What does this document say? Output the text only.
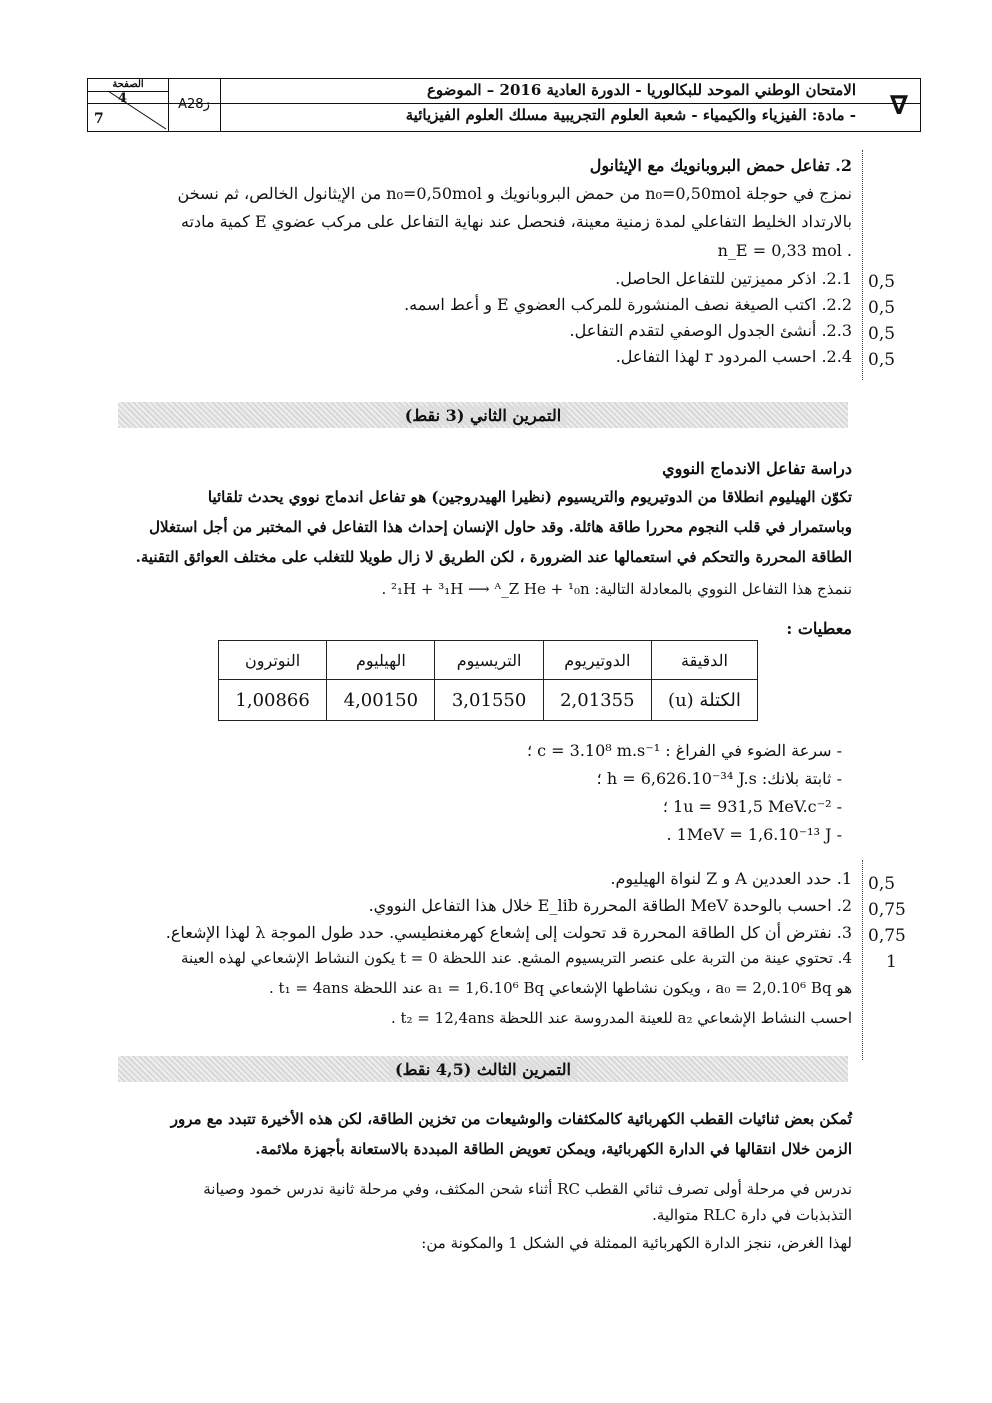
الصفحة
4
7
A28ز
الامتحان الوطني الموحد للبكالوريا - الدورة العادية 2016 – الموضوع
- مادة: الفيزياء والكيمياء - شعبة العلوم التجريبية مسلك العلوم الفيزيائية ∇
2. تفاعل حمض البروبانويك مع الإيثانول
نمزج في حوجلة n₀=0,50mol من حمض البروبانويك و n₀=0,50mol من الإيثانول الخالص، ثم نسخن
بالارتداد الخليط التفاعلي لمدة زمنية معينة، فنحصل عند نهاية التفاعل على مركب عضوي E كمية مادته
. n_E = 0,33 mol
2.1. اذكر مميزتين للتفاعل الحاصل.
2.2. اكتب الصيغة نصف المنشورة للمركب العضوي E و أعط اسمه.
2.3. أنشئ الجدول الوصفي لتقدم التفاعل.
2.4. احسب المردود r لهذا التفاعل.
0,5
0,5
0,5
0,5
التمرين الثاني (3 نقط)
دراسة تفاعل الاندماج النووي
تكوّن الهيليوم انطلاقا من الدوتيريوم والتريسيوم (نظيرا الهيدروجين) هو تفاعل اندماج نووي يحدث تلقائيا
وباستمرار في قلب النجوم محررا طاقة هائلة. وقد حاول الإنسان إحداث هذا التفاعل في المختبر من أجل استغلال
الطاقة المحررة والتحكم في استعمالها عند الضرورة ، لكن الطريق لا زال طويلا للتغلب على مختلف العوائق التقنية.
ننمذج هذا التفاعل النووي بالمعادلة التالية: ²₁H + ³₁H ⟶ ᴬ_Z He + ¹₀n .
معطيات :
النوترون	الهيليوم	التريسيوم	الدوتيريوم	الدقيقة
1,00866	4,00150	3,01550	2,01355	الكتلة (u)
- سرعة الضوء في الفراغ : c = 3.10⁸ m.s⁻¹ ؛
- ثابتة بلانك: h = 6,626.10⁻³⁴ J.s ؛
- 1u = 931,5 MeV.c⁻² ؛
- 1MeV = 1,6.10⁻¹³ J .
1. حدد العددين A و Z لنواة الهيليوم.
2. احسب بالوحدة MeV الطاقة المحررة E_lib خلال هذا التفاعل النووي.
3. نفترض أن كل الطاقة المحررة قد تحولت إلى إشعاع كهرمغنطيسي. حدد طول الموجة λ لهذا الإشعاع.
4. تحتوي عينة من التربة على عنصر التريسيوم المشع. عند اللحظة t = 0 يكون النشاط الإشعاعي لهذه العينة
هو a₀ = 2,0.10⁶ Bq ، ويكون نشاطها الإشعاعي a₁ = 1,6.10⁶ Bq عند اللحظة t₁ = 4ans .
احسب النشاط الإشعاعي a₂ للعينة المدروسة عند اللحظة t₂ = 12,4ans .
0,5
0,75
0,75
1
التمرين الثالث (4,5 نقط)
تُمكن بعض ثنائيات القطب الكهربائية كالمكثفات والوشيعات من تخزين الطاقة، لكن هذه الأخيرة تتبدد مع مرور
الزمن خلال انتقالها في الدارة الكهربائية، ويمكن تعويض الطاقة المبددة بالاستعانة بأجهزة ملائمة.
ندرس في مرحلة أولى تصرف ثنائي القطب RC أثناء شحن المكثف، وفي مرحلة ثانية ندرس خمود وصيانة
التذبذبات في دارة RLC متوالية.
لهذا الغرض، ننجز الدارة الكهربائية الممثلة في الشكل 1 والمكونة من:
